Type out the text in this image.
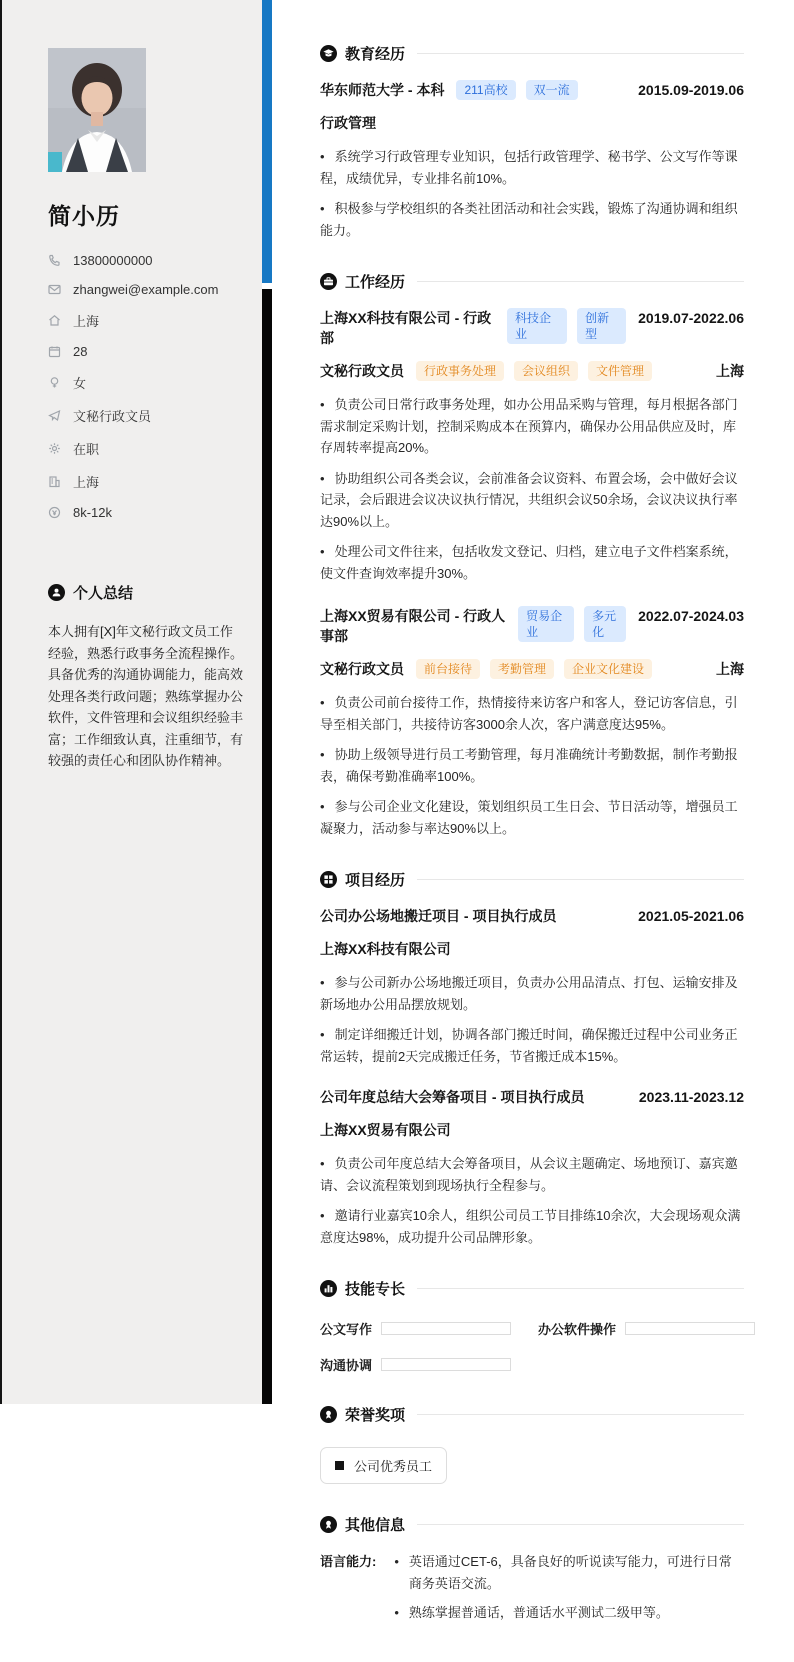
简小历
13800000000
zhangwei@example.com
上海
28
女
文秘行政文员
在职
上海
8k-12k
个人总结
本人拥有[X]年文秘行政文员工作经验，熟悉行政事务全流程操作。具备优秀的沟通协调能力，能高效处理各类行政问题；熟练掌握办公软件，文件管理和会议组织经验丰富；工作细致认真，注重细节，有较强的责任心和团队协作精神。
教育经历
华东师范大学 - 本科	211高校	双一流	2015.09-2019.06
行政管理
• 系统学习行政管理专业知识，包括行政管理学、秘书学、公文写作等课程，成绩优异，专业排名前10%。
• 积极参与学校组织的各类社团活动和社会实践，锻炼了沟通协调和组织能力。
工作经历
上海XX科技有限公司 - 行政部
科技企业
创新型
2019.07-2022.06
文秘行政文员	行政事务处理	会议组织	文件管理	上海
• 负责公司日常行政事务处理，如办公用品采购与管理，每月根据各部门需求制定采购计划，控制采购成本在预算内，确保办公用品供应及时，库存周转率提高20%。
• 协助组织公司各类会议，会前准备会议资料、布置会场，会中做好会议记录，会后跟进会议决议执行情况，共组织会议50余场，会议决议执行率达90%以上。
• 处理公司文件往来，包括收发文登记、归档，建立电子文件档案系统，使文件查询效率提升30%。
上海XX贸易有限公司 - 行政人事部
贸易企业
多元化
2022.07-2024.03
文秘行政文员	前台接待	考勤管理	企业文化建设	上海
• 负责公司前台接待工作，热情接待来访客户和客人，登记访客信息，引导至相关部门，共接待访客3000余人次，客户满意度达95%。
• 协助上级领导进行员工考勤管理，每月准确统计考勤数据，制作考勤报表，确保考勤准确率100%。
• 参与公司企业文化建设，策划组织员工生日会、节日活动等，增强员工凝聚力，活动参与率达90%以上。
项目经历
公司办公场地搬迁项目 - 项目执行成员	2021.05-2021.06
上海XX科技有限公司
• 参与公司新办公场地搬迁项目，负责办公用品清点、打包、运输安排及新场地办公用品摆放规划。
• 制定详细搬迁计划，协调各部门搬迁时间，确保搬迁过程中公司业务正常运转，提前2天完成搬迁任务，节省搬迁成本15%。
公司年度总结大会筹备项目 - 项目执行成员	2023.11-2023.12
上海XX贸易有限公司
• 负责公司年度总结大会筹备项目，从会议主题确定、场地预订、嘉宾邀请、会议流程策划到现场执行全程参与。
• 邀请行业嘉宾10余人，组织公司员工节目排练10余次，大会现场观众满意度达98%，成功提升公司品牌形象。
技能专长
公文写作	办公软件操作
沟通协调
荣誉奖项
公司优秀员工
其他信息
语言能力:	• 英语通过CET-6，具备良好的听说读写能力，可进行日常商务英语交流。
• 熟练掌握普通话，普通话水平测试二级甲等。
